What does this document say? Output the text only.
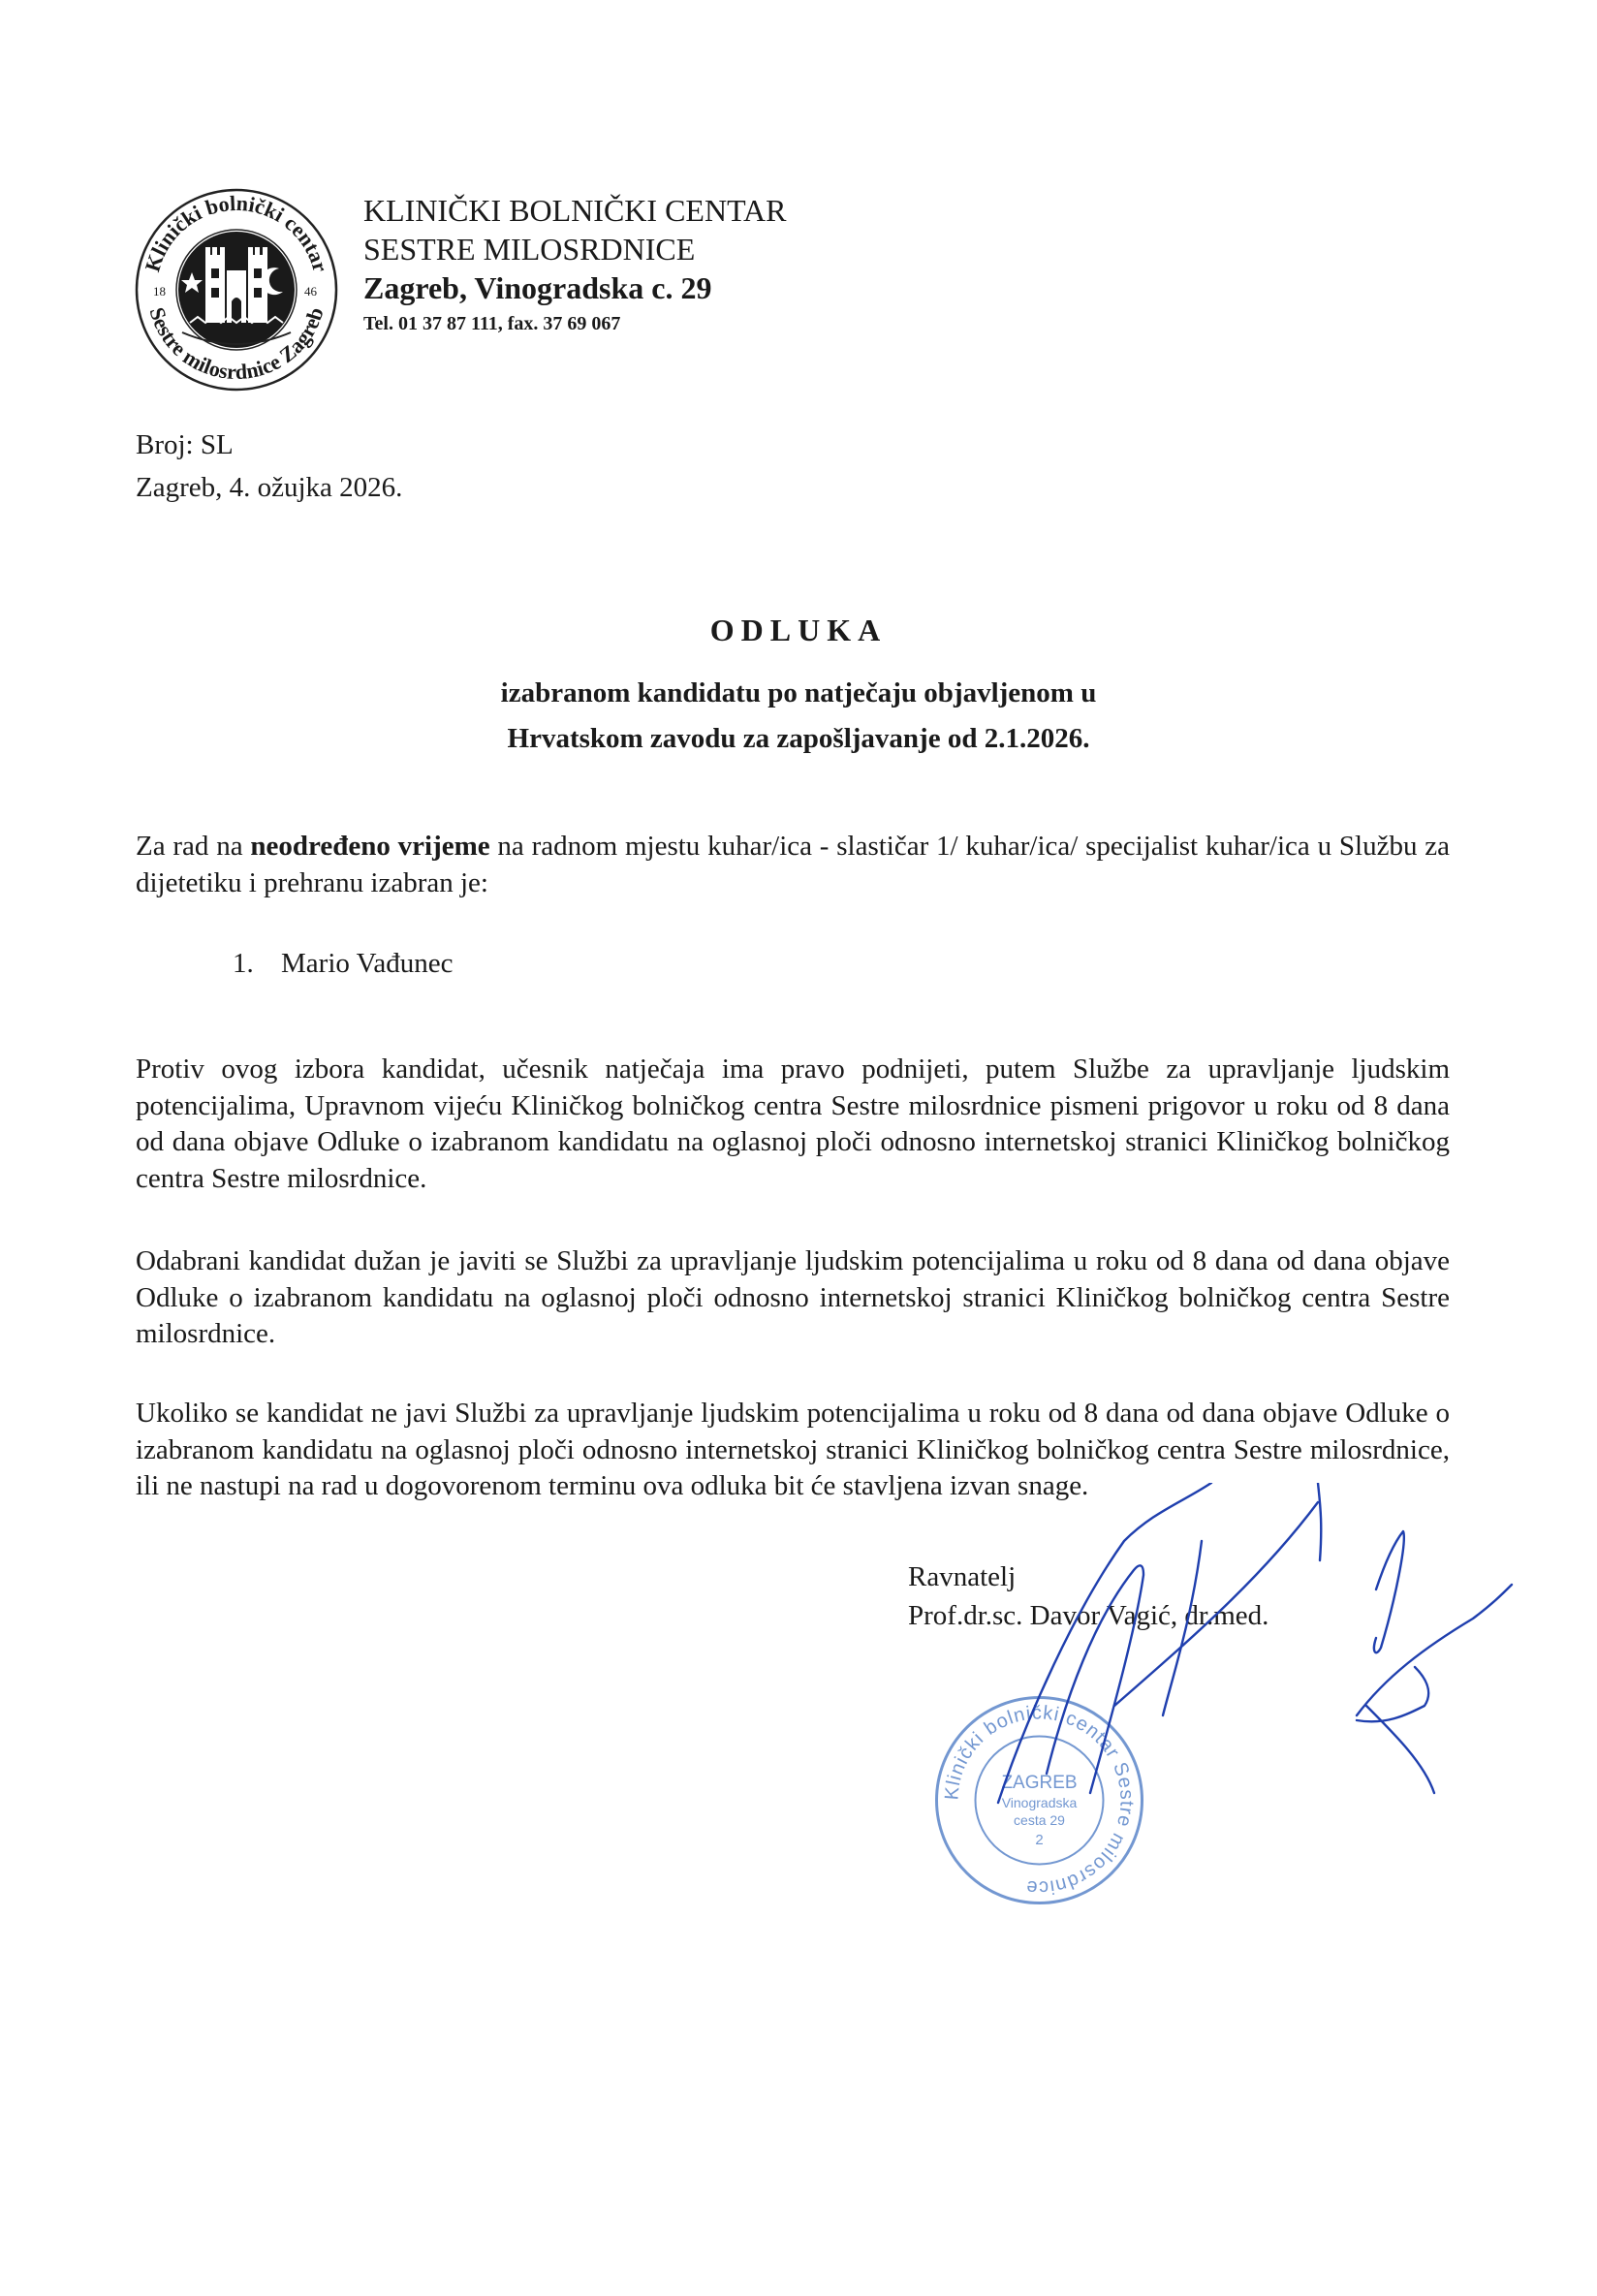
Klinički bolnički centar
Sestre milosrdnice Zagreb
18	46
KLINIČKI BOLNIČKI CENTAR
SESTRE MILOSRDNICE
Zagreb, Vinogradska c. 29
Tel. 01 37 87 111, fax. 37 69 067
Broj: SL
Zagreb, 4. ožujka 2026.
ODLUKA
izabranom kandidatu po natječaju objavljenom u
Hrvatskom zavodu za zapošljavanje od 2.1.2026.
Za rad na neodređeno vrijeme na radnom mjestu kuhar/ica - slastičar 1/ kuhar/ica/ specijalist kuhar/ica u Službu za dijetetiku i prehranu izabran je:
1. Mario Vađunec
Protiv ovog izbora kandidat, učesnik natječaja ima pravo podnijeti, putem Službe za upravljanje ljudskim potencijalima, Upravnom vijeću Kliničkog bolničkog centra Sestre milosrdnice pismeni prigovor u roku od 8 dana od dana objave Odluke o izabranom kandidatu na oglasnoj ploči odnosno internetskoj stranici Kliničkog bolničkog centra Sestre milosrdnice.
Odabrani kandidat dužan je javiti se Službi za upravljanje ljudskim potencijalima u roku od 8 dana od dana objave Odluke o izabranom kandidatu na oglasnoj ploči odnosno internetskoj stranici Kliničkog bolničkog centra Sestre milosrdnice.
Ukoliko se kandidat ne javi Službi za upravljanje ljudskim potencijalima u roku od 8 dana od dana objave Odluke o izabranom kandidatu na oglasnoj ploči odnosno internetskoj stranici Kliničkog bolničkog centra Sestre milosrdnice, ili ne nastupi na rad u dogovorenom terminu ova odluka bit će stavljena izvan snage.
Ravnatelj
Prof.dr.sc. Davor Vagić, dr.med.
Klinički bolnički centar Sestre milosrdnice
ZAGREB
Vinogradska
cesta 29
2
